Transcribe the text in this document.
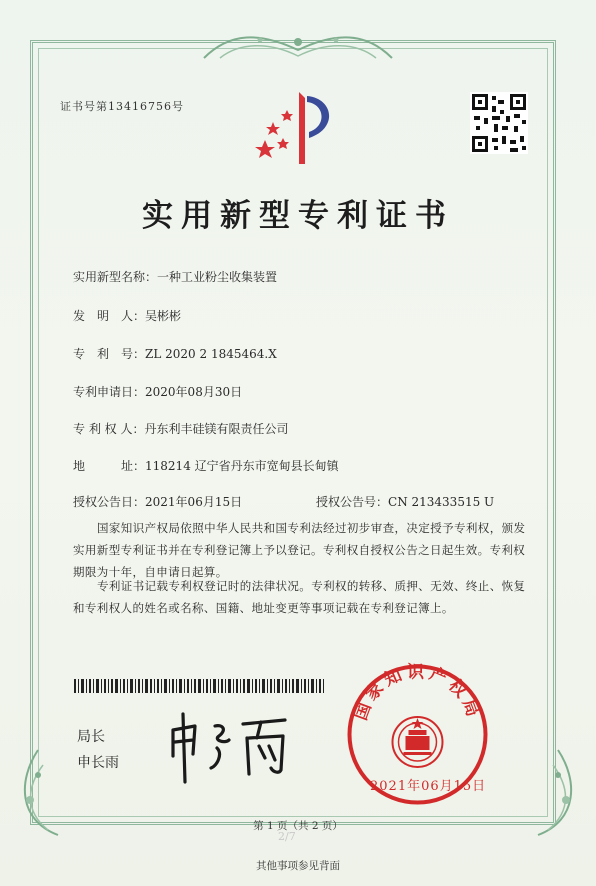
证书号第13416756号
实用新型专利证书
实用新型名称：一种工业粉尘收集装置
发　明　人：吴彬彬
专　利　号：ZL 2020 2 1845464.X
专利申请日：2020年08月30日
专 利 权 人：丹东利丰硅镁有限责任公司
地　　　址：118214 辽宁省丹东市宽甸县长甸镇
授权公告日：2021年06月15日	授权公告号：CN 213433515 U
国家知识产权局依照中华人民共和国专利法经过初步审查，决定授予专利权，颁发实用新型专利证书并在专利登记簿上予以登记。专利权自授权公告之日起生效。专利权期限为十年，自申请日起算。
专利证书记载专利权登记时的法律状况。专利权的转移、质押、无效、终止、恢复和专利权人的姓名或名称、国籍、地址变更等事项记载在专利登记簿上。
局长
申长雨
国家知识产权局
2021年06月15日
第 1 页（共 2 页）
2/7
其他事项参见背面
